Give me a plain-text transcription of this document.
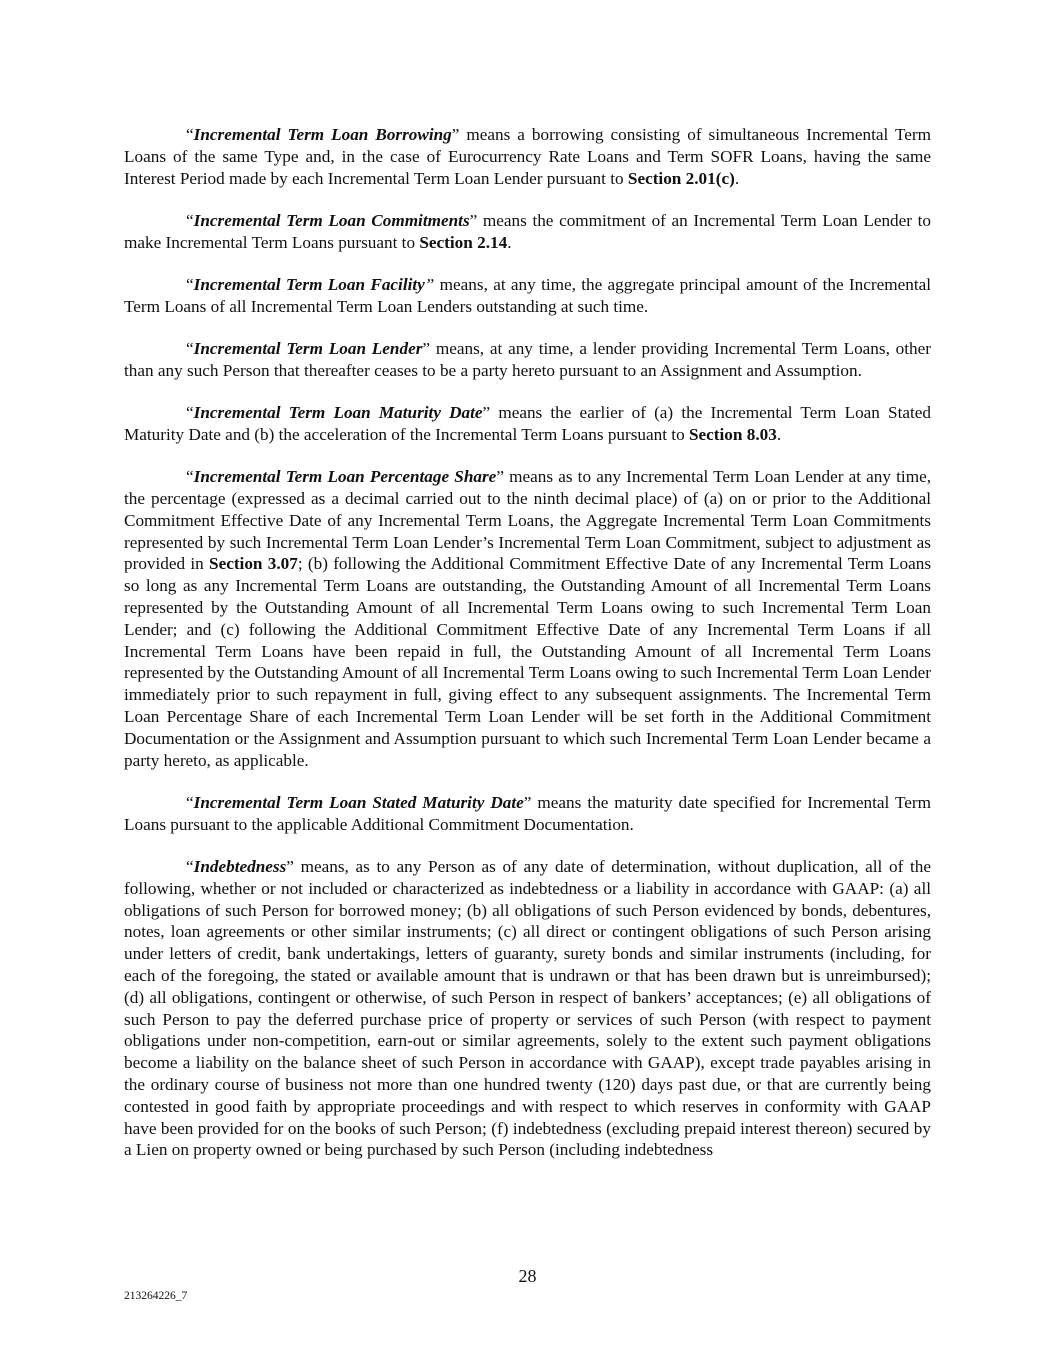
“Incremental Term Loan Borrowing” means a borrowing consisting of simultaneous Incremental Term Loans of the same Type and, in the case of Eurocurrency Rate Loans and Term SOFR Loans, having the same Interest Period made by each Incremental Term Loan Lender pursuant to Section 2.01(c).

“Incremental Term Loan Commitments” means the commitment of an Incremental Term Loan Lender to make Incremental Term Loans pursuant to Section 2.14.

“Incremental Term Loan Facility” means, at any time, the aggregate principal amount of the Incremental Term Loans of all Incremental Term Loan Lenders outstanding at such time.

“Incremental Term Loan Lender” means, at any time, a lender providing Incremental Term Loans, other than any such Person that thereafter ceases to be a party hereto pursuant to an Assignment and Assumption.

“Incremental Term Loan Maturity Date” means the earlier of (a) the Incremental Term Loan Stated Maturity Date and (b) the acceleration of the Incremental Term Loans pursuant to Section 8.03.

“Incremental Term Loan Percentage Share” means as to any Incremental Term Loan Lender at any time, the percentage (expressed as a decimal carried out to the ninth decimal place) of (a) on or prior to the Additional Commitment Effective Date of any Incremental Term Loans, the Aggregate Incremental Term Loan Commitments represented by such Incremental Term Loan Lender’s Incremental Term Loan Commitment, subject to adjustment as provided in Section 3.07; (b) following the Additional Commitment Effective Date of any Incremental Term Loans so long as any Incremental Term Loans are outstanding, the Outstanding Amount of all Incremental Term Loans represented by the Outstanding Amount of all Incremental Term Loans owing to such Incremental Term Loan Lender; and (c) following the Additional Commitment Effective Date of any Incremental Term Loans if all Incremental Term Loans have been repaid in full, the Outstanding Amount of all Incremental Term Loans represented by the Outstanding Amount of all Incremental Term Loans owing to such Incremental Term Loan Lender immediately prior to such repayment in full, giving effect to any subsequent assignments. The Incremental Term Loan Percentage Share of each Incremental Term Loan Lender will be set forth in the Additional Commitment Documentation or the Assignment and Assumption pursuant to which such Incremental Term Loan Lender became a party hereto, as applicable.

“Incremental Term Loan Stated Maturity Date” means the maturity date specified for Incremental Term Loans pursuant to the applicable Additional Commitment Documentation.

“Indebtedness” means, as to any Person as of any date of determination, without duplication, all of the following, whether or not included or characterized as indebtedness or a liability in accordance with GAAP: (a) all obligations of such Person for borrowed money; (b) all obligations of such Person evidenced by bonds, debentures, notes, loan agreements or other similar instruments; (c) all direct or contingent obligations of such Person arising under letters of credit, bank undertakings, letters of guaranty, surety bonds and similar instruments (including, for each of the foregoing, the stated or available amount that is undrawn or that has been drawn but is unreimbursed); (d) all obligations, contingent or otherwise, of such Person in respect of bankers’ acceptances; (e) all obligations of such Person to pay the deferred purchase price of property or services of such Person (with respect to payment obligations under non-competition, earn-out or similar agreements, solely to the extent such payment obligations become a liability on the balance sheet of such Person in accordance with GAAP), except trade payables arising in the ordinary course of business not more than one hundred twenty (120) days past due, or that are currently being contested in good faith by appropriate proceedings and with respect to which reserves in conformity with GAAP have been provided for on the books of such Person; (f) indebtedness (excluding prepaid interest thereon) secured by a Lien on property owned or being purchased by such Person (including indebtedness

28
213264226_7
